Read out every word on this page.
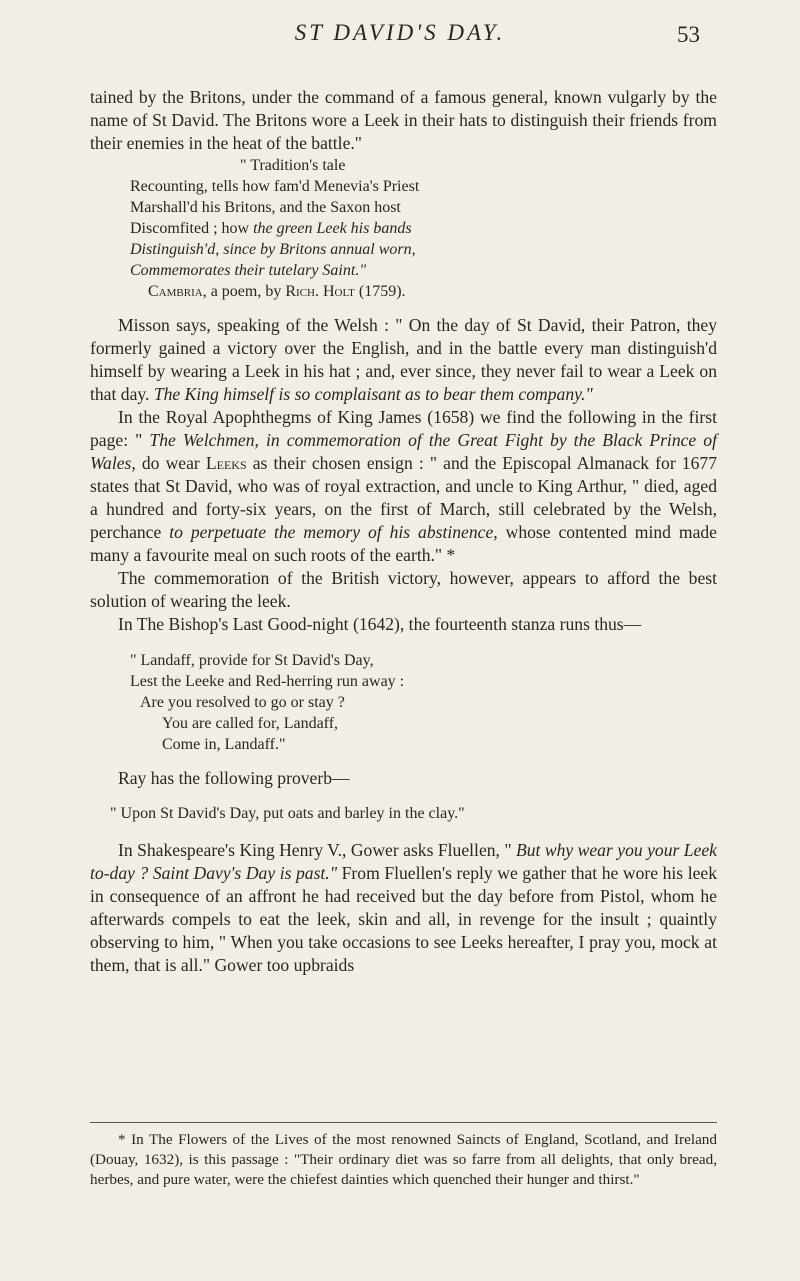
ST DAVID'S DAY.	53

tained by the Britons, under the command of a famous general, known vulgarly by the name of St David. The Britons wore a Leek in their hats to distinguish their friends from their enemies in the heat of the battle."

" Tradition's tale
Recounting, tells how fam'd Menevia's Priest
Marshall'd his Britons, and the Saxon host
Discomfited ; how the green Leek his bands
Distinguish'd, since by Britons annual worn,
Commemorates their tutelary Saint."
Cambria, a poem, by Rich. Holt (1759).

Misson says, speaking of the Welsh : " On the day of St David, their Patron, they formerly gained a victory over the English, and in the battle every man distinguish'd himself by wearing a Leek in his hat ; and, ever since, they never fail to wear a Leek on that day. The King himself is so complaisant as to bear them company."

In the Royal Apophthegms of King James (1658) we find the following in the first page: " The Welchmen, in commemoration of the Great Fight by the Black Prince of Wales, do wear Leeks as their chosen ensign : " and the Episcopal Almanack for 1677 states that St David, who was of royal extraction, and uncle to King Arthur, " died, aged a hundred and forty-six years, on the first of March, still celebrated by the Welsh, perchance to perpetuate the memory of his abstinence, whose contented mind made many a favourite meal on such roots of the earth." *

The commemoration of the British victory, however, appears to afford the best solution of wearing the leek.

In The Bishop's Last Good-night (1642), the fourteenth stanza runs thus—

" Landaff, provide for St David's Day,
Lest the Leeke and Red-herring run away :
Are you resolved to go or stay ?
You are called for, Landaff,
Come in, Landaff."

Ray has the following proverb—

" Upon St David's Day, put oats and barley in the clay."

In Shakespeare's King Henry V., Gower asks Fluellen, " But why wear you your Leek to-day ? Saint Davy's Day is past." From Fluellen's reply we gather that he wore his leek in consequence of an affront he had received but the day before from Pistol, whom he afterwards compels to eat the leek, skin and all, in revenge for the insult ; quaintly observing to him, " When you take occasions to see Leeks hereafter, I pray you, mock at them, that is all." Gower too upbraids

* In The Flowers of the Lives of the most renowned Saincts of England, Scotland, and Ireland (Douay, 1632), is this passage : "Their ordinary diet was so farre from all delights, that only bread, herbes, and pure water, were the chiefest dainties which quenched their hunger and thirst."
